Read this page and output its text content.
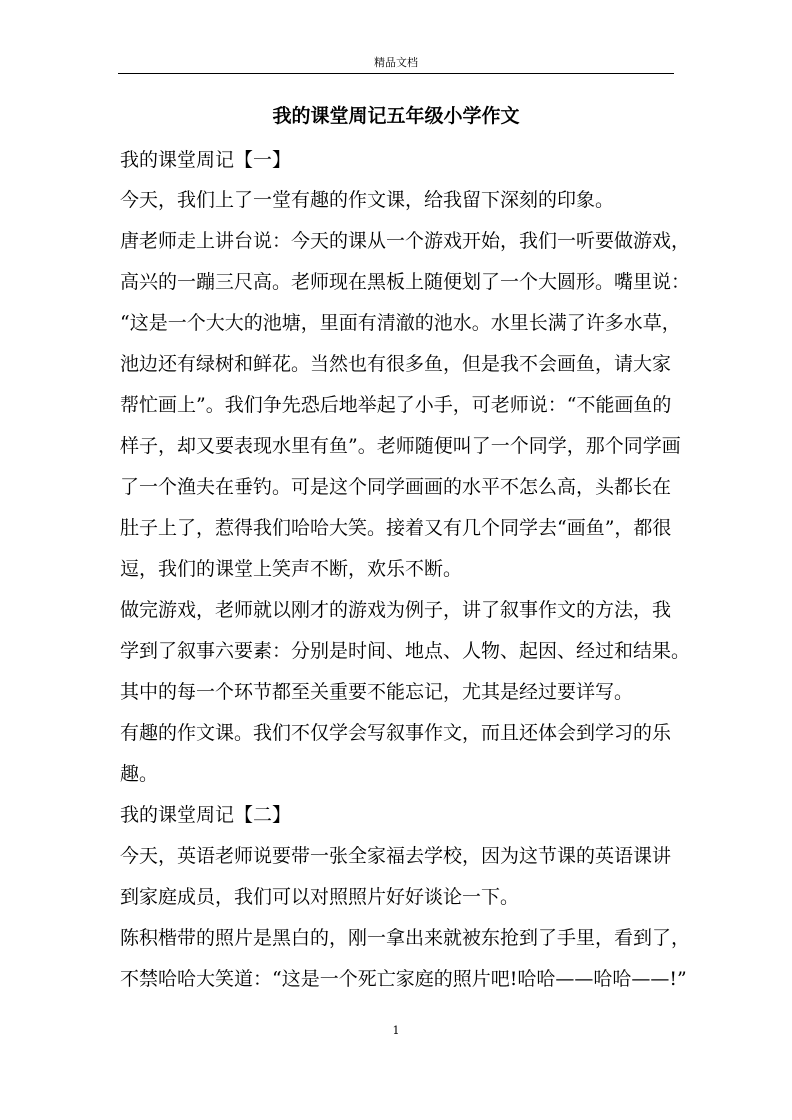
精品文档
我的课堂周记五年级小学作文
我的课堂周记【一】
今天，我们上了一堂有趣的作文课，给我留下深刻的印象。
唐老师走上讲台说：今天的课从一个游戏开始，我们一听要做游戏，
高兴的一蹦三尺高。老师现在黑板上随便划了一个大圆形。嘴里说：
“这是一个大大的池塘，里面有清澈的池水。水里长满了许多水草，
池边还有绿树和鲜花。当然也有很多鱼，但是我不会画鱼，请大家
帮忙画上”。我们争先恐后地举起了小手，可老师说：“不能画鱼的
样子，却又要表现水里有鱼”。老师随便叫了一个同学，那个同学画
了一个渔夫在垂钓。可是这个同学画画的水平不怎么高，头都长在
肚子上了，惹得我们哈哈大笑。接着又有几个同学去“画鱼”，都很
逗，我们的课堂上笑声不断，欢乐不断。
做完游戏，老师就以刚才的游戏为例子，讲了叙事作文的方法，我
学到了叙事六要素：分别是时间、地点、人物、起因、经过和结果。
其中的每一个环节都至关重要不能忘记，尤其是经过要详写。
有趣的作文课。我们不仅学会写叙事作文，而且还体会到学习的乐
趣。
我的课堂周记【二】
今天，英语老师说要带一张全家福去学校，因为这节课的英语课讲
到家庭成员，我们可以对照照片好好谈论一下。
陈积楷带的照片是黑白的，刚一拿出来就被东抢到了手里，看到了，
不禁哈哈大笑道：“这是一个死亡家庭的照片吧!哈哈——哈哈——!”
1
